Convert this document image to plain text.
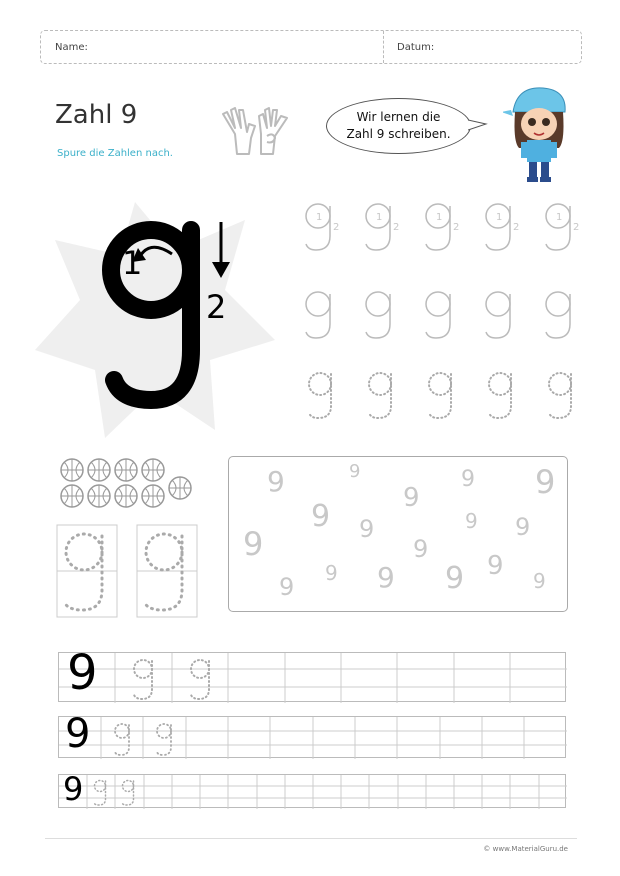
Name:	Datum:
Zahl 9
Spure die Zahlen nach.
Wir lernen die
Zahl 9 schreiben.
1
2
1
2
1
2
1
2
1
2
1
2
9	9
9
9 9
9 9	9 9
9	9
9 9 9 9
9	9
9
9
9
© www.MaterialGuru.de
